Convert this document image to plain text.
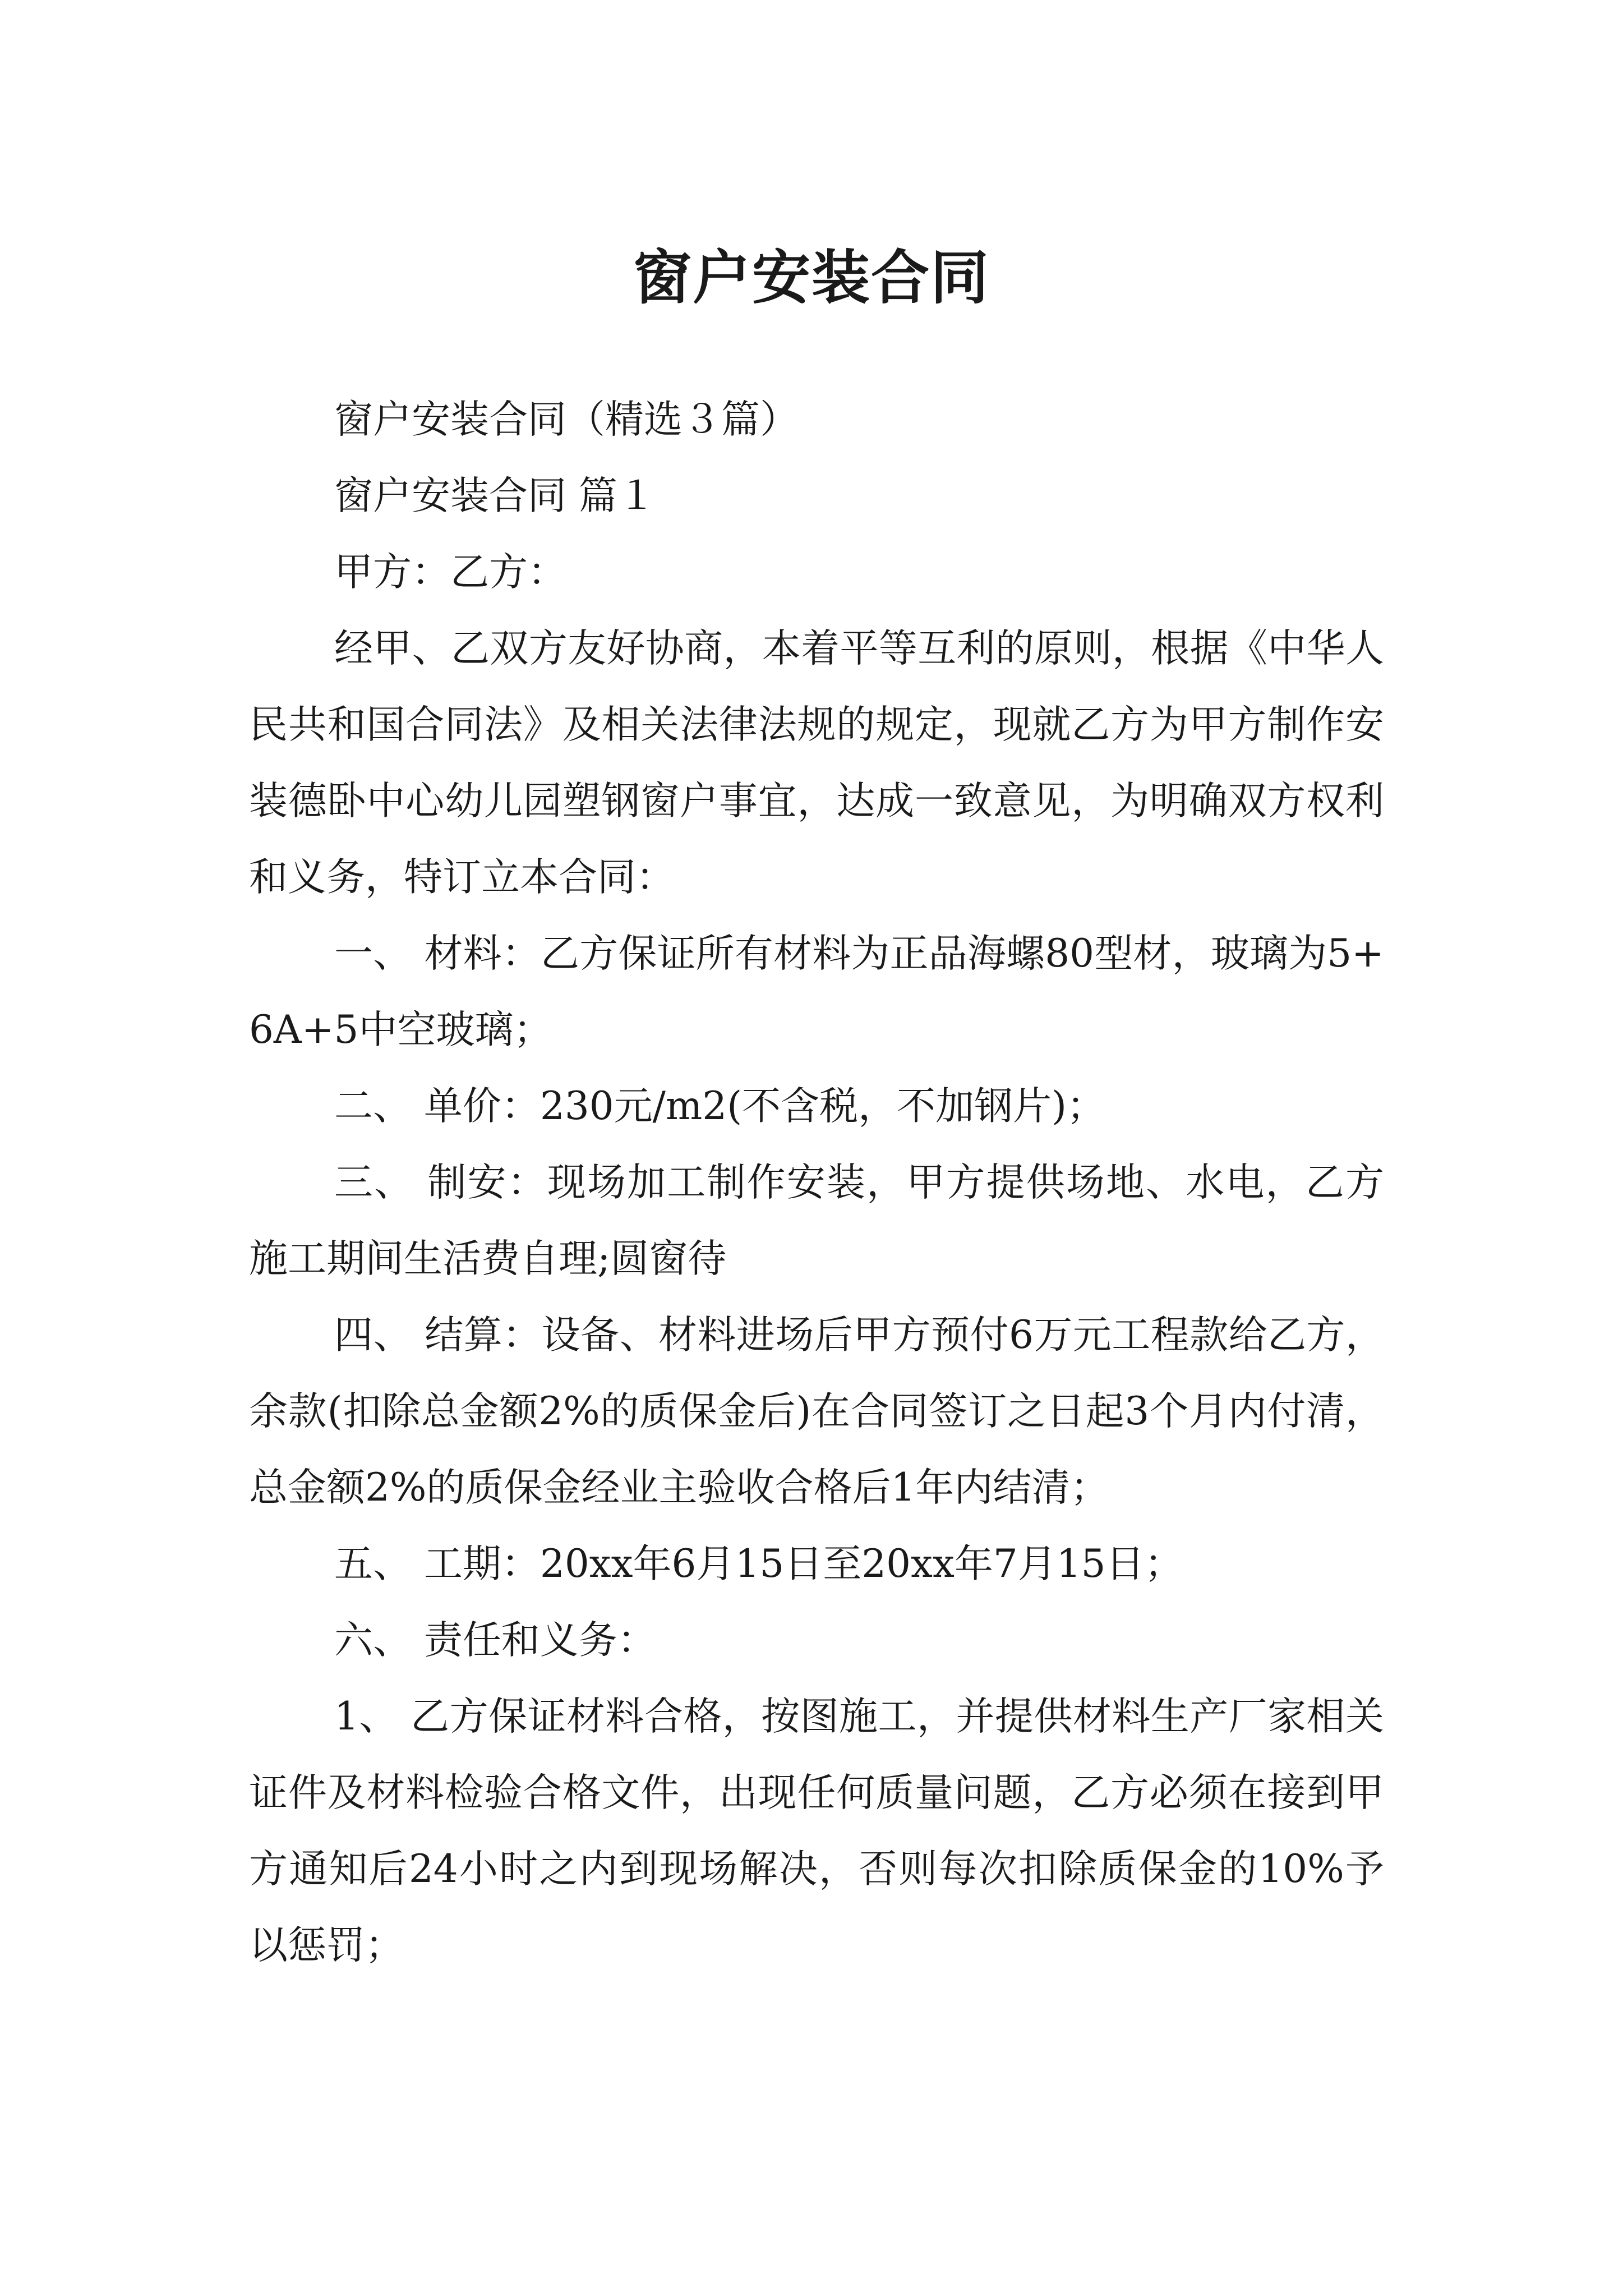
窗户安装合同

窗户安装合同（精选３篇）

窗户安装合同 篇１

甲方：乙方：

经甲、乙双方友好协商，本着平等互利的原则，根据《中华人民共和国合同法》及相关法律法规的规定，现就乙方为甲方制作安装德卧中心幼儿园塑钢窗户事宜，达成一致意见，为明确双方权利和义务，特订立本合同：

一、 材料：乙方保证所有材料为正品海螺80型材，玻璃为5+6A+5中空玻璃；

二、 单价：230元/m2(不含税，不加钢片)；

三、 制安：现场加工制作安装，甲方提供场地、水电，乙方施工期间生活费自理;圆窗待

四、 结算：设备、材料进场后甲方预付6万元工程款给乙方，余款(扣除总金额2%的质保金后)在合同签订之日起3个月内付清，总金额2%的质保金经业主验收合格后1年内结清；

五、 工期：20xx年6月15日至20xx年7月15日；

六、 责任和义务：

1、 乙方保证材料合格，按图施工，并提供材料生产厂家相关证件及材料检验合格文件，出现任何质量问题，乙方必须在接到甲方通知后24小时之内到现场解决，否则每次扣除质保金的10%予以惩罚；
